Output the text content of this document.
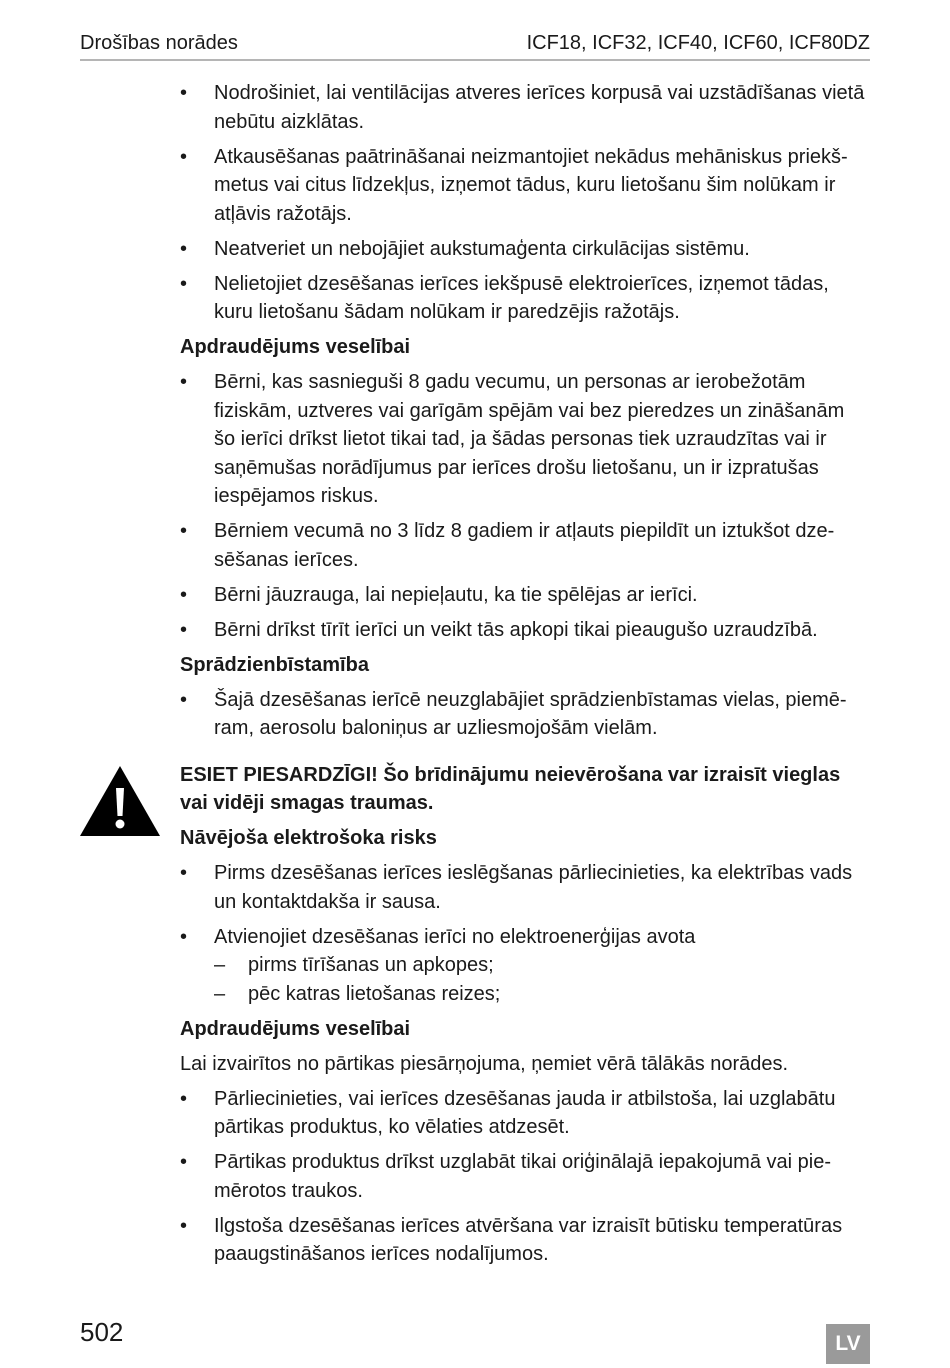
Drošības norādes	ICF18, ICF32, ICF40, ICF60, ICF80DZ
• Nodrošiniet, lai ventilācijas atveres ierīces korpusā vai uzstādīšanas vietā nebūtu aizklātas.
• Atkausēšanas paātrināšanai neizmantojiet nekādus mehāniskus priekšmetus vai citus līdzekļus, izņemot tādus, kuru lietošanu šim nolūkam ir atļāvis ražotājs.
• Neatveriet un nebojājiet aukstumaģenta cirkulācijas sistēmu.
• Nelietojiet dzesēšanas ierīces iekšpusē elektroierīces, izņemot tādas, kuru lietošanu šādam nolūkam ir paredzējis ražotājs.
Apdraudējums veselībai
• Bērni, kas sasnieguši 8 gadu vecumu, un personas ar ierobežotām fiziskām, uztveres vai garīgām spējām vai bez pieredzes un zināšanām šo ierīci drīkst lietot tikai tad, ja šādas personas tiek uzraudzītas vai ir saņēmušas norādījumus par ierīces drošu lietošanu, un ir izpratušas iespējamos riskus.
• Bērniem vecumā no 3 līdz 8 gadiem ir atļauts piepildīt un iztukšot dzesēšanas ierīces.
• Bērni jāuzrauga, lai nepieļautu, ka tie spēlējas ar ierīci.
• Bērni drīkst tīrīt ierīci un veikt tās apkopi tikai pieaugušo uzraudzībā.
Sprādzienbīstamība
• Šajā dzesēšanas ierīcē neuzglabājiet sprādzienbīstamas vielas, piemēram, aerosolu baloniņus ar uzliesmojošām vielām.
ESIET PIESARDZĪGI! Šo brīdinājumu neievērošana var izraisīt vieglas vai vidēji smagas traumas.
Nāvējoša elektrošoka risks
• Pirms dzesēšanas ierīces ieslēgšanas pārliecinieties, ka elektrības vads un kontaktdakša ir sausa.
• Atvienojiet dzesēšanas ierīci no elektroenerģijas avota
– pirms tīrīšanas un apkopes;
– pēc katras lietošanas reizes;
Apdraudējums veselībai

Lai izvairītos no pārtikas piesārņojuma, ņemiet vērā tālākās norādes.

• Pārliecinieties, vai ierīces dzesēšanas jauda ir atbilstoša, lai uzglabātu pārtikas produktus, ko vēlaties atdzesēt.
• Pārtikas produktus drīkst uzglabāt tikai oriģinālajā iepakojumā vai piemērotos traukos.
• Ilgstoša dzesēšanas ierīces atvēršana var izraisīt būtisku temperatūras paaugstināšanos ierīces nodalījumos.
502	LV
